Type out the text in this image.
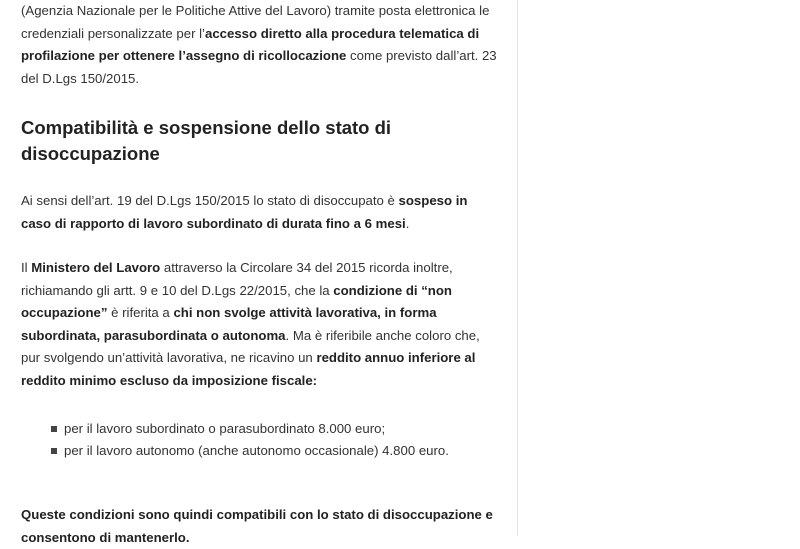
(Agenzia Nazionale per le Politiche Attive del Lavoro) tramite posta elettronica le credenziali personalizzate per l’accesso diretto alla procedura telematica di profilazione per ottenere l’assegno di ricollocazione come previsto dall’art. 23 del D.Lgs 150/2015.

Compatibilità e sospensione dello stato di disoccupazione

Ai sensi dell’art. 19 del D.Lgs 150/2015 lo stato di disoccupato è sospeso in caso di rapporto di lavoro subordinato di durata fino a 6 mesi.

Il Ministero del Lavoro attraverso la Circolare 34 del 2015 ricorda inoltre, richiamando gli artt. 9 e 10 del D.Lgs 22/2015, che la condizione di “non occupazione” è riferita a chi non svolge attività lavorativa, in forma subordinata, parasubordinata o autonoma. Ma è riferibile anche coloro che, pur svolgendo un’attività lavorativa, ne ricavino un reddito annuo inferiore al reddito minimo escluso da imposizione fiscale:

per il lavoro subordinato o parasubordinato 8.000 euro;
per il lavoro autonomo (anche autonomo occasionale) 4.800 euro.

Queste condizioni sono quindi compatibili con lo stato di disoccupazione e consentono di mantenerlo.
